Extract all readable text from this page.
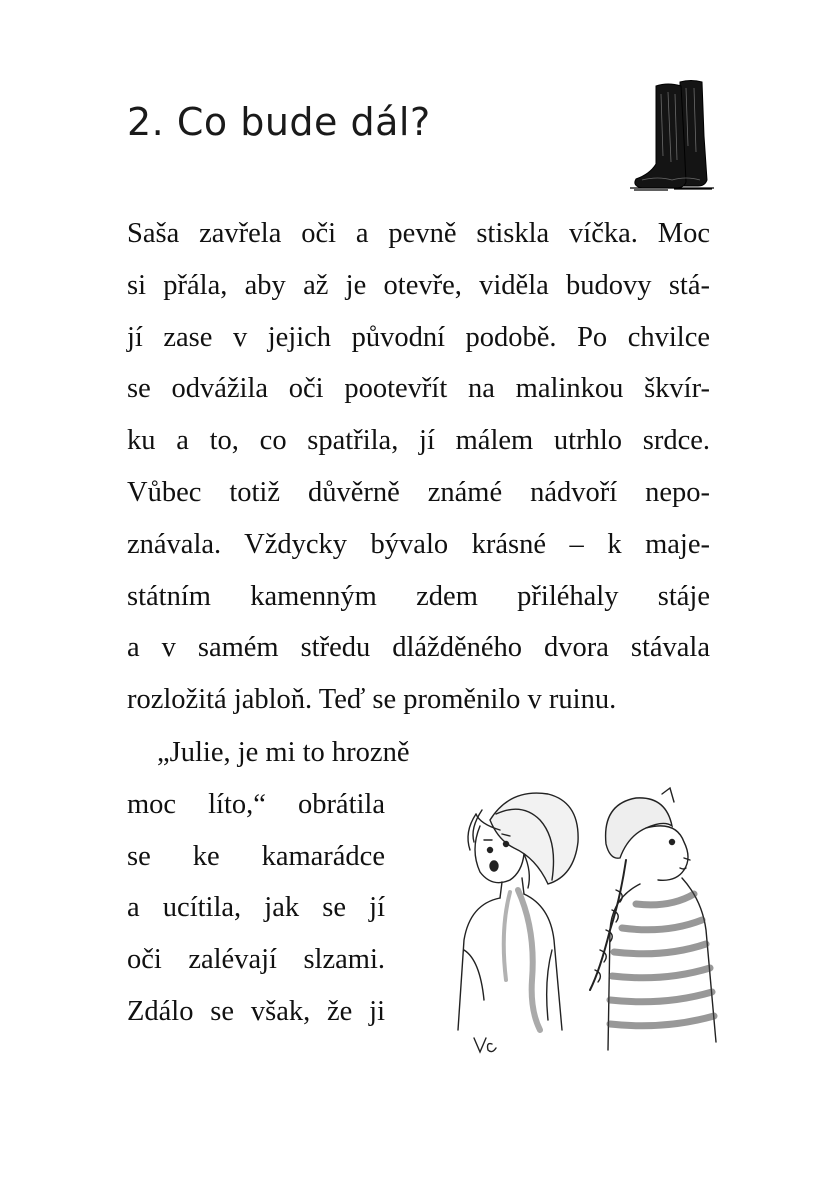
2. Co bude dál?
Saša zavřela oči a pevně stiskla víčka. Moc
si přála, aby až je otevře, viděla budovy stá-
jí zase v jejich původní podobě. Po chvilce
se odvážila oči pootevřít na malinkou škvír-
ku a to, co spatřila, jí málem utrhlo srdce.
Vůbec totiž důvěrně známé nádvoří nepo-
znávala. Vždycky bývalo krásné – k maje-
státním kamenným zdem přiléhaly stáje
a v samém středu dlážděného dvora stávala
rozložitá jabloň. Teď se proměnilo v ruinu.
„Julie, je mi to hrozně
moc líto,“ obrátila
se ke kamarádce
a ucítila, jak se jí
oči zalévají slzami.
Zdálo se však, že ji
